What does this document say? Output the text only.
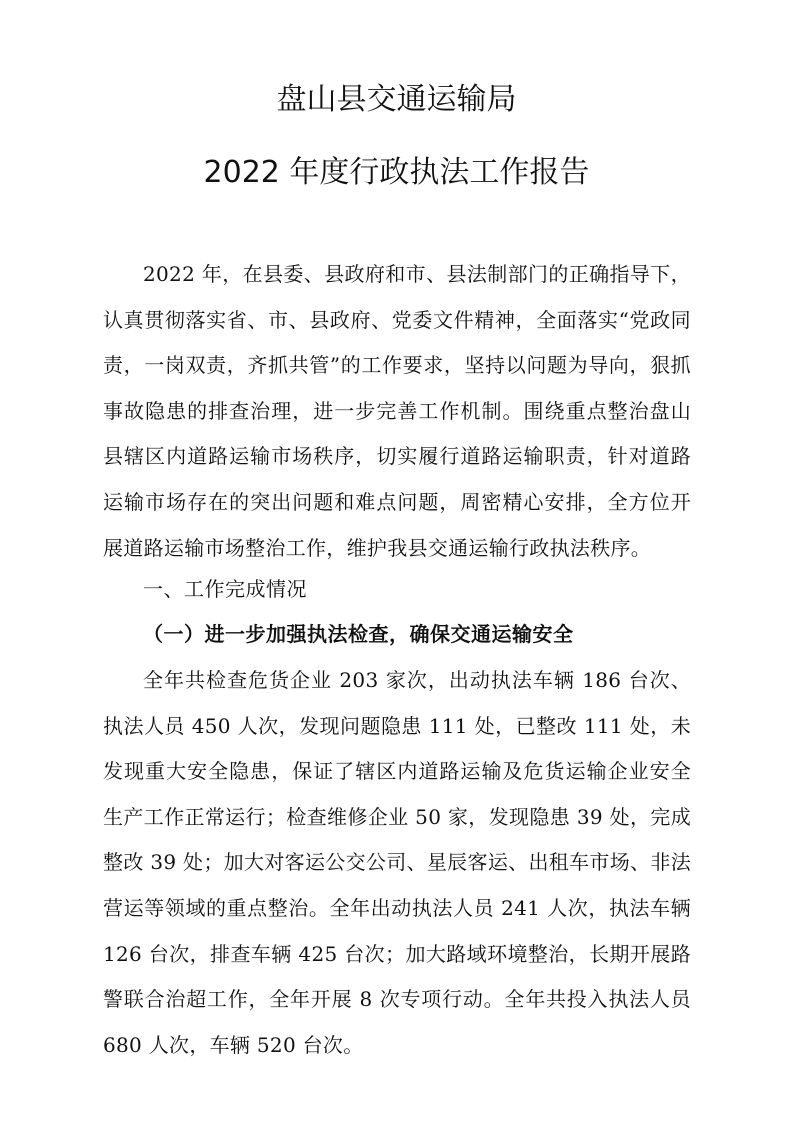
盘山县交通运输局
2022 年度行政执法工作报告

2022 年，在县委、县政府和市、县法制部门的正确指导下，认真贯彻落实省、市、县政府、党委文件精神，全面落实“党政同责，一岗双责，齐抓共管”的工作要求，坚持以问题为导向，狠抓事故隐患的排查治理，进一步完善工作机制。围绕重点整治盘山县辖区内道路运输市场秩序，切实履行道路运输职责，针对道路运输市场存在的突出问题和难点问题，周密精心安排，全方位开展道路运输市场整治工作，维护我县交通运输行政执法秩序。

一、工作完成情况
（一）进一步加强执法检查，确保交通运输安全

全年共检查危货企业 203 家次，出动执法车辆 186 台次、执法人员 450 人次，发现问题隐患 111 处，已整改 111 处，未发现重大安全隐患，保证了辖区内道路运输及危货运输企业安全生产工作正常运行；检查维修企业 50 家，发现隐患 39 处，完成整改 39 处；加大对客运公交公司、星辰客运、出租车市场、非法营运等领域的重点整治。全年出动执法人员 241 人次，执法车辆 126 台次，排查车辆 425 台次；加大路域环境整治，长期开展路警联合治超工作，全年开展 8 次专项行动。全年共投入执法人员 680 人次，车辆 520 台次。
